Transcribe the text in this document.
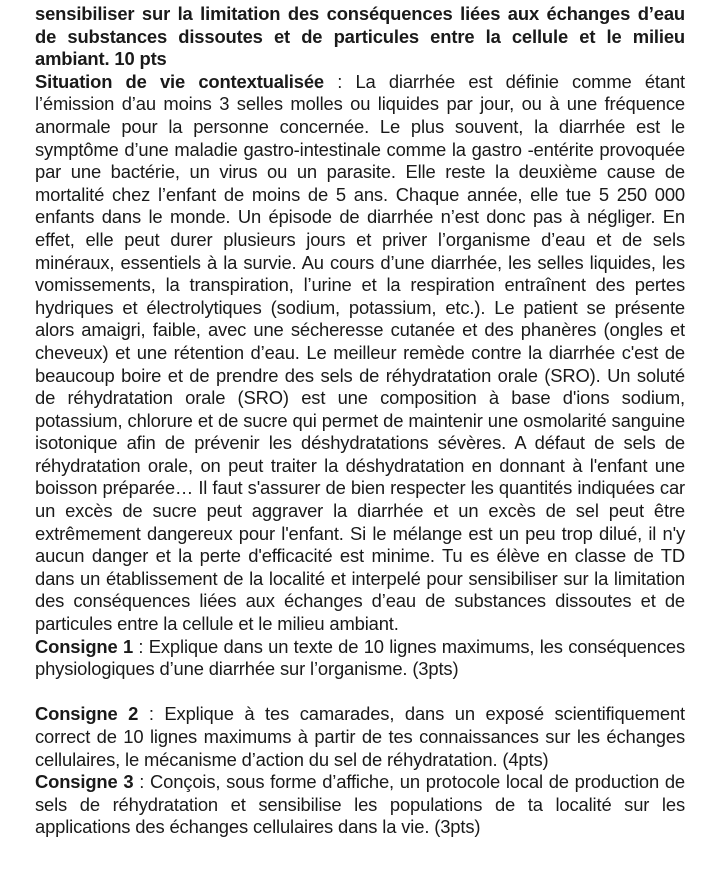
sensibiliser sur la limitation des conséquences liées aux échanges d’eau de substances dissoutes et de particules entre la cellule et le milieu ambiant. 10 pts

Situation de vie contextualisée : La diarrhée est définie comme étant l’émission d’au moins 3 selles molles ou liquides par jour, ou à une fréquence anormale pour la personne concernée. Le plus souvent, la diarrhée est le symptôme d’une maladie gastro-intestinale comme la gastro -entérite provoquée par une bactérie, un virus ou un parasite. Elle reste la deuxième cause de mortalité chez l’enfant de moins de 5 ans. Chaque année, elle tue 5 250 000 enfants dans le monde. Un épisode de diarrhée n’est donc pas à négliger. En effet, elle peut durer plusieurs jours et priver l’organisme d’eau et de sels minéraux, essentiels à la survie. Au cours d’une diarrhée, les selles liquides, les vomissements, la transpiration, l’urine et la respiration entraînent des pertes hydriques et électrolytiques (sodium, potassium, etc.). Le patient se présente alors amaigri, faible, avec une sécheresse cutanée et des phanères (ongles et cheveux) et une rétention d’eau. Le meilleur remède contre la diarrhée c'est de beaucoup boire et de prendre des sels de réhydratation orale (SRO). Un soluté de réhydratation orale (SRO) est une composition à base d'ions sodium, potassium, chlorure et de sucre qui permet de maintenir une osmolarité sanguine isotonique afin de prévenir les déshydratations sévères. A défaut de sels de réhydratation orale, on peut traiter la déshydratation en donnant à l'enfant une boisson préparée… Il faut s'assurer de bien respecter les quantités indiquées car un excès de sucre peut aggraver la diarrhée et un excès de sel peut être extrêmement dangereux pour l'enfant. Si le mélange est un peu trop dilué, il n'y aucun danger et la perte d'efficacité est minime. Tu es élève en classe de TD dans un établissement de la localité et interpelé pour sensibiliser sur la limitation des conséquences liées aux échanges d’eau de substances dissoutes et de particules entre la cellule et le milieu ambiant.

Consigne 1 : Explique dans un texte de 10 lignes maximums, les conséquences physiologiques d’une diarrhée sur l’organisme. (3pts)

Consigne 2 : Explique à tes camarades, dans un exposé scientifiquement correct de 10 lignes maximums à partir de tes connaissances sur les échanges cellulaires, le mécanisme d’action du sel de réhydratation. (4pts)

Consigne 3 : Conçois, sous forme d’affiche, un protocole local de production de sels de réhydratation et sensibilise les populations de ta localité sur les applications des échanges cellulaires dans la vie. (3pts)
